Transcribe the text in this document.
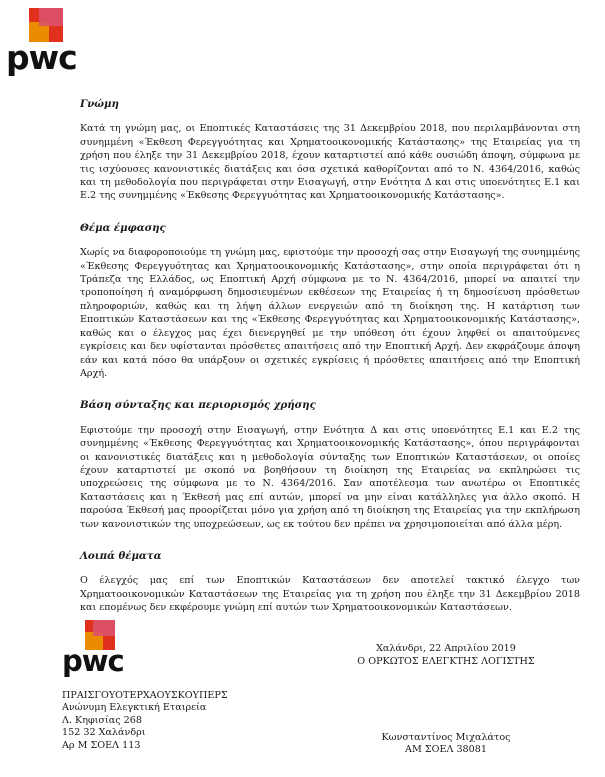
pwc
Γνώμη
Κατά τη γνώμη μας, οι Εποπτικές Καταστάσεις της 31 Δεκεμβρίου 2018, που περιλαμβάνονται στη συνημμένη «Έκθεση Φερεγγυότητας και Χρηματοοικονομικής Κατάστασης» της Εταιρείας για τη χρήση που έληξε την 31 Δεκεμβρίου 2018, έχουν καταρτιστεί από κάθε ουσιώδη άποψη, σύμφωνα με τις ισχύουσες κανονιστικές διατάξεις και όσα σχετικά καθορίζονται από το Ν. 4364/2016, καθώς και τη μεθοδολογία που περιγράφεται στην Εισαγωγή, στην Ενότητα Δ και στις υποενότητες Ε.1 και Ε.2 της συνημμένης «Έκθεσης Φερεγγυότητας και Χρηματοοικονομικής Κατάστασης».
Θέμα έμφασης
Χωρίς να διαφοροποιούμε τη γνώμη μας, εφιστούμε την προσοχή σας στην Εισαγωγή της συνημμένης «Έκθεσης Φερεγγυότητας και Χρηματοοικονομικής Κατάστασης», στην οποία περιγράφεται ότι η Τράπεζα της Ελλάδος, ως Εποπτική Αρχή σύμφωνα με το Ν. 4364/2016, μπορεί να απαιτεί την τροποποίηση ή αναμόρφωση δημοσιευμένων εκθέσεων της Εταιρείας ή τη δημοσίευση πρόσθετων πληροφοριών, καθώς και τη λήψη άλλων ενεργειών από τη διοίκηση της. Η κατάρτιση των Εποπτικών Καταστάσεων και της «Έκθεσης Φερεγγυότητας και Χρηματοοικονομικής Κατάστασης», καθώς και ο έλεγχος μας έχει διενεργηθεί με την υπόθεση ότι έχουν ληφθεί οι απαιτούμενες εγκρίσεις και δεν υφίστανται πρόσθετες απαιτήσεις από την Εποπτική Αρχή. Δεν εκφράζουμε άποψη εάν και κατά πόσο θα υπάρξουν οι σχετικές εγκρίσεις ή πρόσθετες απαιτήσεις από την Εποπτική Αρχή.
Βάση σύνταξης και περιορισμός χρήσης
Εφιστούμε την προσοχή στην Εισαγωγή, στην Ενότητα Δ και στις υποενότητες Ε.1 και Ε.2 της συνημμένης «Έκθεσης Φερεγγυότητας και Χρηματοοικονομικής Κατάστασης», όπου περιγράφονται οι κανονιστικές διατάξεις και η μεθοδολογία σύνταξης των Εποπτικών Καταστάσεων, οι οποίες έχουν καταρτιστεί με σκοπό να βοηθήσουν τη διοίκηση της Εταιρείας να εκπληρώσει τις υποχρεώσεις της σύμφωνα με το Ν. 4364/2016. Σαν αποτέλεσμα των ανωτέρω οι Εποπτικές Καταστάσεις και η Έκθεσή μας επί αυτών, μπορεί να μην είναι κατάλληλες για άλλο σκοπό. Η παρούσα Έκθεσή μας προορίζεται μόνο για χρήση από τη διοίκηση της Εταιρείας για την εκπλήρωση των κανονιστικών της υποχρεώσεων, ως εκ τούτου δεν πρέπει να χρησιμοποιείται από άλλα μέρη.
Λοιπά θέματα
Ο έλεγχός μας επί των Εποπτικών Καταστάσεων δεν αποτελεί τακτικό έλεγχο των Χρηματοοικονομικών Καταστάσεων της Εταιρείας για τη χρήση που έληξε την 31 Δεκεμβρίου 2018 και επομένως δεν εκφέρουμε γνώμη επί αυτών των Χρηματοοικονομικών Καταστάσεων.
pwc	Χαλάνδρι, 22 Απριλίου 2019
Ο ΟΡΚΩΤΟΣ ΕΛΕΓΚΤΗΣ ΛΟΓΙΣΤΗΣ
ΠΡΑΙΣΓΟΥΟΤΕΡΧΑΟΥΣΚΟΥΠΕΡΣ
Ανώνυμη Ελεγκτική Εταιρεία
Λ. Κηφισίας 268
152 32 Χαλάνδρι
Αρ Μ ΣΟΕΛ 113
Κωνσταντίνος Μιχαλάτος
ΑΜ ΣΟΕΛ 38081
